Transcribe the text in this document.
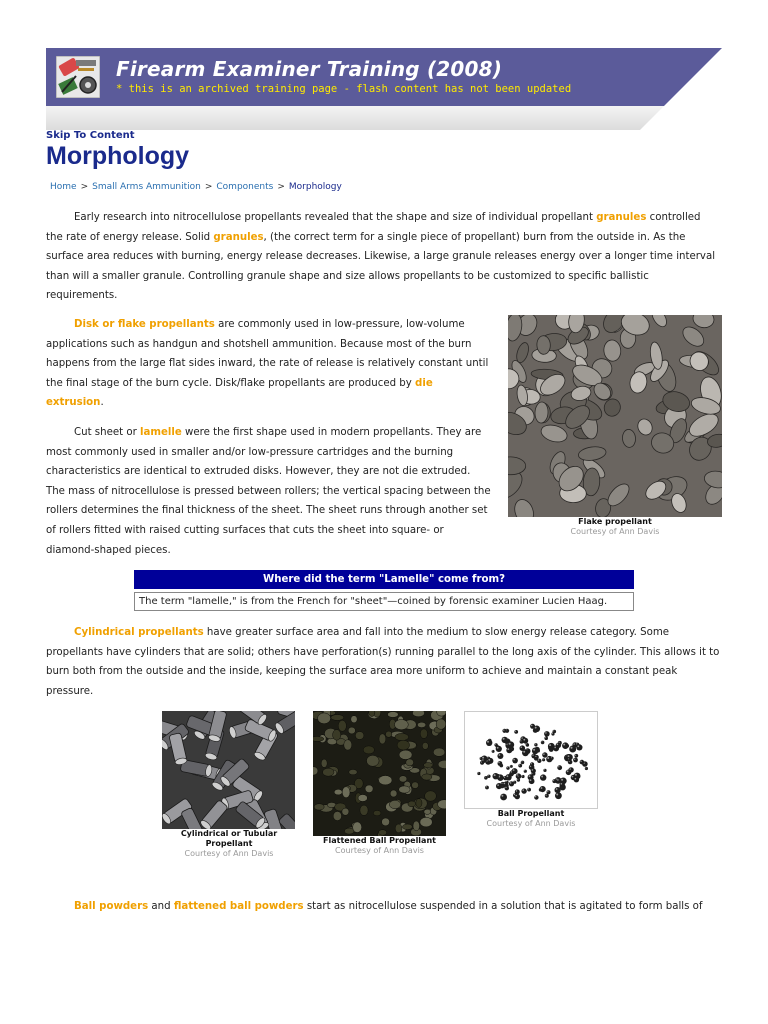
Firearm Examiner Training (2008)
* this is an archived training page - flash content has not been updated
Skip To Content
Morphology
Home > Small Arms Ammunition > Components > Morphology

Early research into nitrocellulose propellants revealed that the shape and size of individual propellant granules controlled the rate of energy release. Solid granules, (the correct term for a single piece of propellant) burn from the outside in. As the surface area reduces with burning, energy release decreases. Likewise, a large granule releases energy over a longer time interval than will a smaller granule. Controlling granule shape and size allows propellants to be customized to specific ballistic requirements.

Disk or flake propellants are commonly used in low-pressure, low-volume applications such as handgun and shotshell ammunition. Because most of the burn happens from the large flat sides inward, the rate of release is relatively constant until the final stage of the burn cycle. Disk/flake propellants are produced by die extrusion.

Cut sheet or lamelle were the first shape used in modern propellants. They are most commonly used in smaller and/or low-pressure cartridges and the burning characteristics are identical to extruded disks. However, they are not die extruded. The mass of nitrocellulose is pressed between rollers; the vertical spacing between the rollers determines the final thickness of the sheet. The sheet runs through another set of rollers fitted with raised cutting surfaces that cuts the sheet into square- or diamond-shaped pieces.

Flake propellant
Courtesy of Ann Davis
Where did the term "Lamelle" come from?
The term "lamelle," is from the French for "sheet"—coined by forensic examiner Lucien Haag.

Cylindrical propellants have greater surface area and fall into the medium to slow energy release category. Some propellants have cylinders that are solid; others have perforation(s) running parallel to the long axis of the cylinder. This allows it to burn both from the outside and the inside, keeping the surface area more uniform to achieve and maintain a constant peak pressure.

Cylindrical or Tubular Propellant
Courtesy of Ann Davis
Flattened Ball Propellant
Courtesy of Ann Davis
Ball Propellant
Courtesy of Ann Davis

Ball powders and flattened ball powders start as nitrocellulose suspended in a solution that is agitated to form balls of
